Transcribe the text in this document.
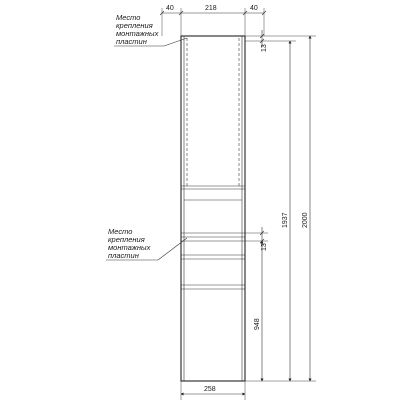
40	218	40
258
13
13
948
1937 2000
Место
крепления
монтажных
пластин
Место
крепления
монтажных
пластин
